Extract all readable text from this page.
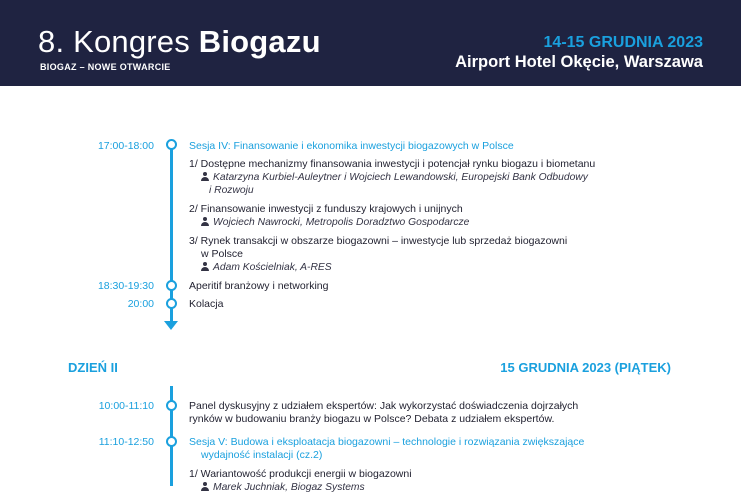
8. Kongres Biogazu
BIOGAZ – NOWE OTWARCIE
14-15 GRUDNIA 2023
Airport Hotel Okęcie, Warszawa
17:00-18:00	Sesja IV: Finansowanie i ekonomika inwestycji biogazowych w Polsce
1/ Dostępne mechanizmy finansowania inwestycji i potencjał rynku biogazu i biometanu
Katarzyna Kurbiel-Auleytner i Wojciech Lewandowski, Europejski Bank Odbudowy
i Rozwoju
2/ Finansowanie inwestycji z funduszy krajowych i unijnych
Wojciech Nawrocki, Metropolis Doradztwo Gospodarcze
3/ Rynek transakcji w obszarze biogazowni – inwestycje lub sprzedaż biogazowni
w Polsce
Adam Kościelniak, A-RES
18:30-19:30	Aperitif branżowy i networking
20:00	Kolacja
DZIEŃ II	15 GRUDNIA 2023 (PIĄTEK)
10:00-11:10	Panel dyskusyjny z udziałem ekspertów: Jak wykorzystać doświadczenia dojrzałych
rynków w budowaniu branży biogazu w Polsce? Debata z udziałem ekspertów.
11:10-12:50	Sesja V: Budowa i eksploatacja biogazowni – technologie i rozwiązania zwiększające
wydajność instalacji (cz.2)
1/ Wariantowość produkcji energii w biogazowni
Marek Juchniak, Biogaz Systems
